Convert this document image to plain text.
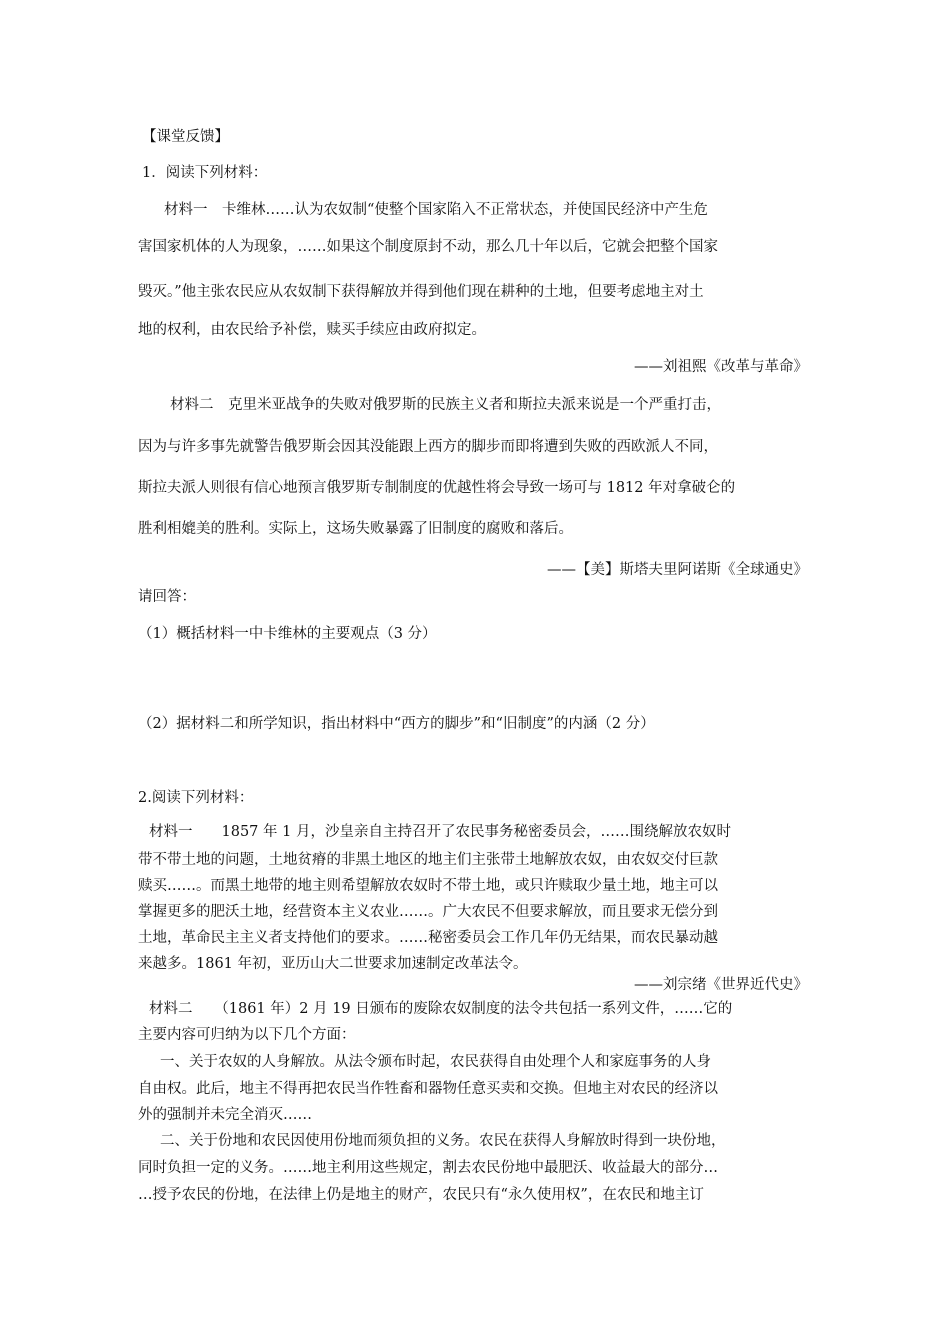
【课堂反馈】
1．阅读下列材料：
材料一　卡维林……认为农奴制“使整个国家陷入不正常状态，并使国民经济中产生危
害国家机体的人为现象，……如果这个制度原封不动，那么几十年以后，它就会把整个国家
毁灭。”他主张农民应从农奴制下获得解放并得到他们现在耕种的土地，但要考虑地主对土
地的权利，由农民给予补偿，赎买手续应由政府拟定。
——刘祖熙《改革与革命》
材料二　克里米亚战争的失败对俄罗斯的民族主义者和斯拉夫派来说是一个严重打击，
因为与许多事先就警告俄罗斯会因其没能跟上西方的脚步而即将遭到失败的西欧派人不同，
斯拉夫派人则很有信心地预言俄罗斯专制制度的优越性将会导致一场可与 1812 年对拿破仑的
胜利相媲美的胜利。实际上，这场失败暴露了旧制度的腐败和落后。
——【美】斯塔夫里阿诺斯《全球通史》
请回答：
（1）概括材料一中卡维林的主要观点（3 分）
（2）据材料二和所学知识，指出材料中“西方的脚步”和“旧制度”的内涵（2 分）
2.阅读下列材料：
材料一　　1857 年 1 月，沙皇亲自主持召开了农民事务秘密委员会，……围绕解放农奴时
带不带土地的问题，土地贫瘠的非黑土地区的地主们主张带土地解放农奴，由农奴交付巨款
赎买……。而黑土地带的地主则希望解放农奴时不带土地，或只许赎取少量土地，地主可以
掌握更多的肥沃土地，经营资本主义农业……。广大农民不但要求解放，而且要求无偿分到
土地，革命民主主义者支持他们的要求。……秘密委员会工作几年仍无结果，而农民暴动越
来越多。1861 年初，亚历山大二世要求加速制定改革法令。
——刘宗绪《世界近代史》
材料二　　（1861 年）2 月 19 日颁布的废除农奴制度的法令共包括一系列文件，……它的
主要内容可归纳为以下几个方面：
一、关于农奴的人身解放。从法令颁布时起，农民获得自由处理个人和家庭事务的人身
自由权。此后，地主不得再把农民当作牲畜和器物任意买卖和交换。但地主对农民的经济以
外的强制并未完全消灭……
二、关于份地和农民因使用份地而须负担的义务。农民在获得人身解放时得到一块份地，
同时负担一定的义务。……地主利用这些规定，割去农民份地中最肥沃、收益最大的部分…
…授予农民的份地，在法律上仍是地主的财产，农民只有“永久使用权”，在农民和地主订
